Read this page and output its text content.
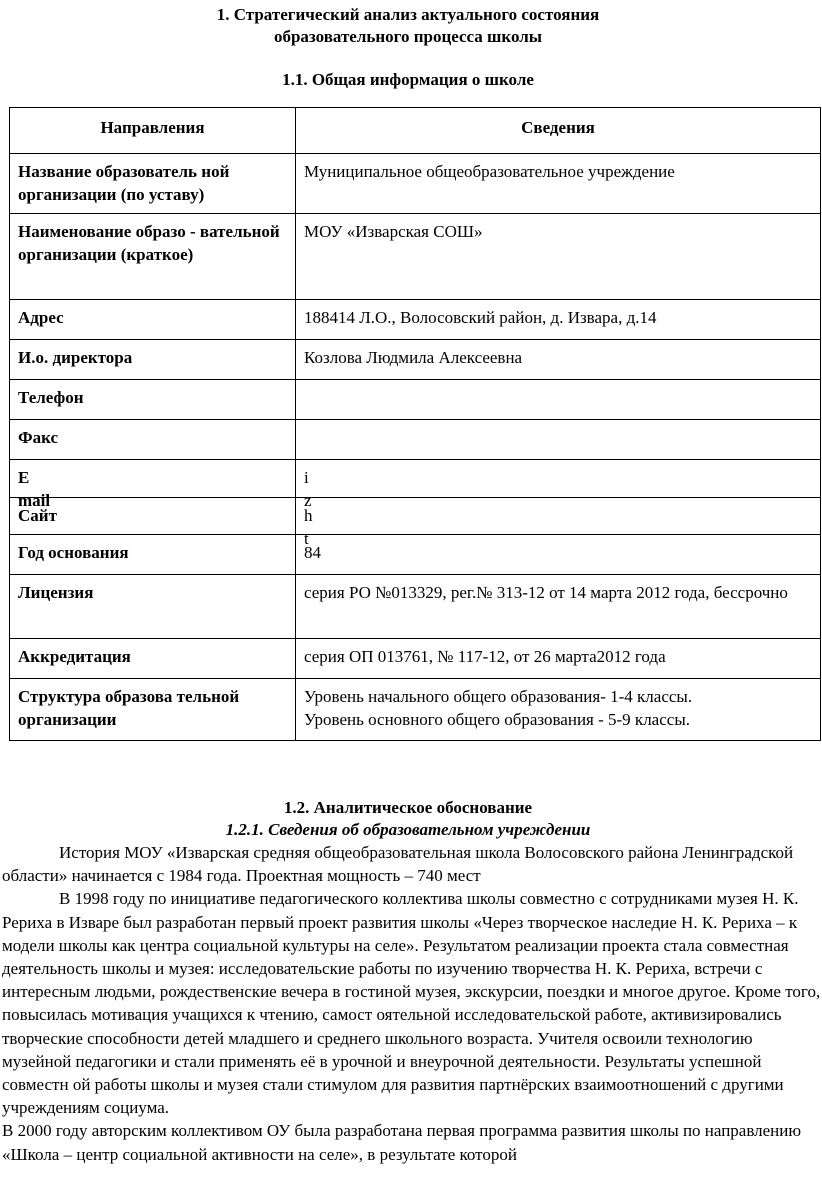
1. Стратегический анализ актуального состояния
образовательного процесса школы
1.1. Общая информация о школе
Направления	Сведения
Название образователь ной организации (по уставу)	Муниципальное общеобразовательное учреждение
Наименование образо - вательной организации (краткое)	МОУ «Изварская СОШ»
Адрес	188414 Л.О., Волосовский район, д. Извара, д.14
И.о. директора	Козлова Людмила Алексеевна
Телефон	
Факс	

E mail	i z

Сайт	h t

Год основания	84
Лицензия	серия РО №013329, рег.№ 313-12 от 14 марта 2012 года, бессрочно
Аккредитация	серия ОП 013761, № 117-12, от 26 марта2012 года
Структура образова тельной организации	Уровень начального общего образования- 1-4 классы.
Уровень основного общего образования - 5-9 классы.
1.2. Аналитическое обоснование
1.2.1. Сведения об образовательном учреждении

История МОУ «Изварская средняя общеобразовательная школа Волосовского района Ленинградской области» начинается с 1984 года. Проектная мощность – 740 мест

В 1998 году по инициативе педагогического коллектива школы совместно с сотрудниками музея Н. К. Рериха в Изваре был разработан первый проект развития школы «Через творческое наследие Н. К. Рериха – к модели школы как центра социальной культуры на селе». Результатом реализации проекта стала совместная деятельность школы и музея: исследовательские работы по изучению творчества Н. К. Рериха, встречи с интересным людьми, рождественские вечера в гостиной музея, экскурсии, поездки и многое другое. Кроме того, повысилась мотивация учащихся к чтению, самост оятельной исследовательской работе, активизировались творческие способности детей младшего и среднего школьного возраста. Учителя освоили технологию музейной педагогики и стали применять её в урочной и внеурочной деятельности. Результаты успешной совместн ой работы школы и музея стали стимулом для развития партнёрских взаимоотношений с другими учреждениям социума.

В 2000 году авторским коллективом ОУ была разработана первая программа развития школы по направлению «Школа – центр социальной активности на селе», в результате которой
